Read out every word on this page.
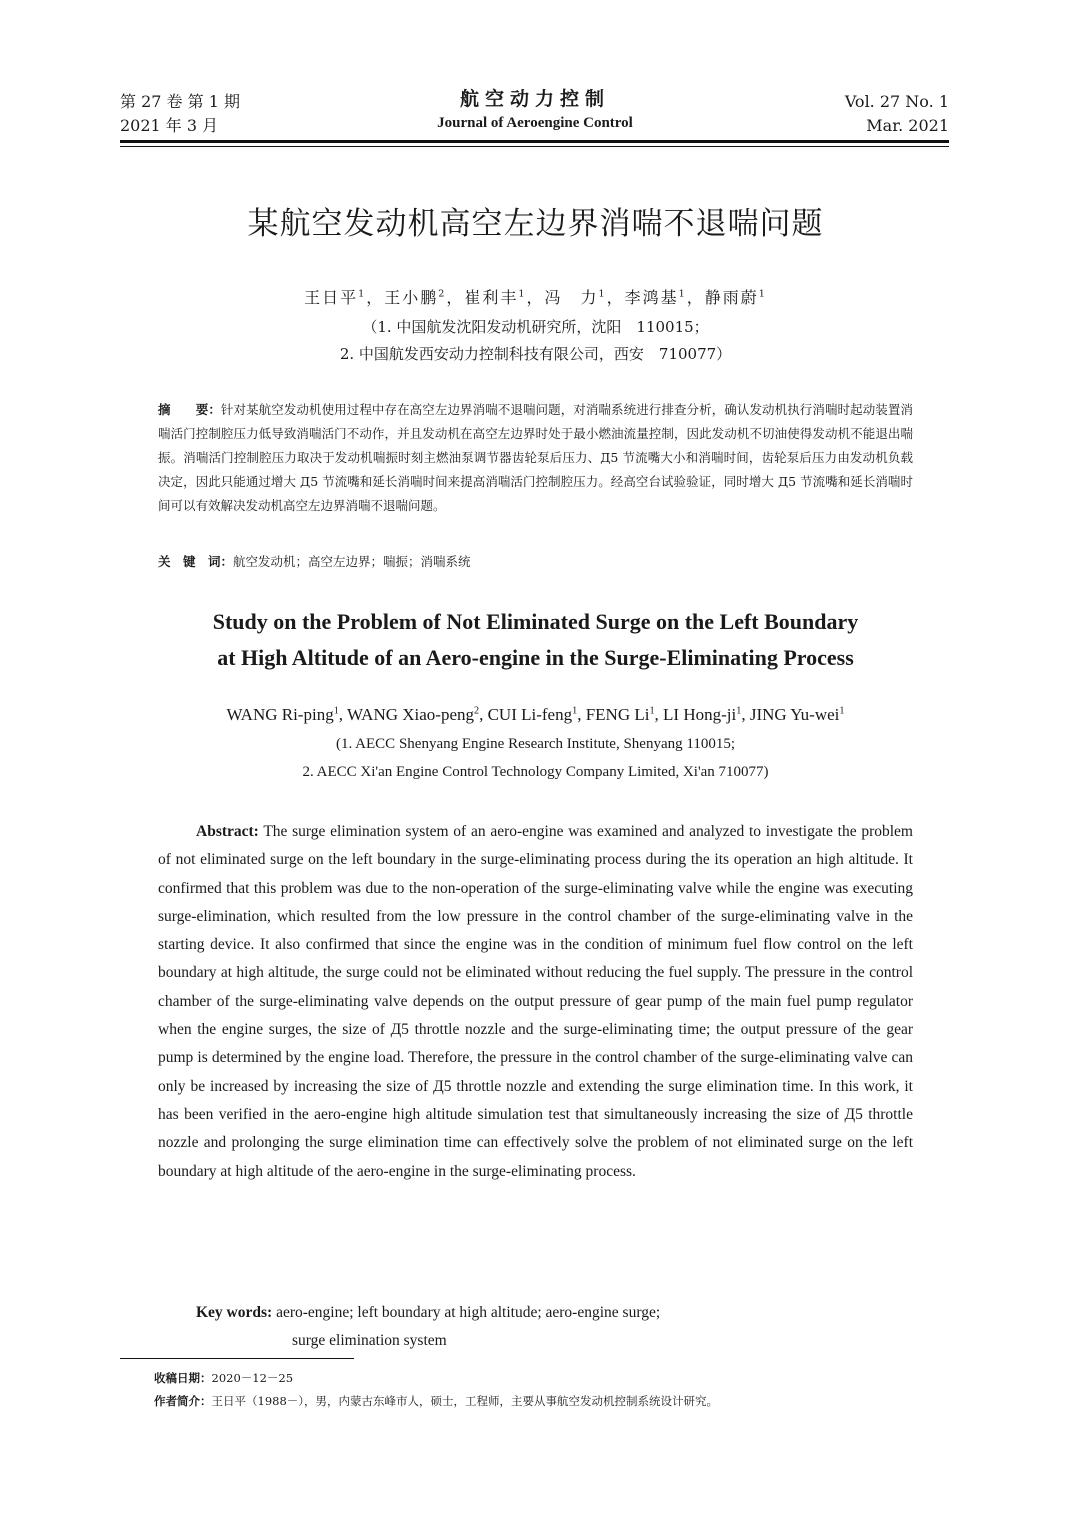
第 27 卷 第 1 期
2021 年 3 月
航空动力控制
Journal of Aeroengine Control
Vol. 27 No. 1
Mar. 2021
某航空发动机高空左边界消喘不退喘问题
王日平$^1$，王小鹏$^2$，崔利丰$^1$，冯　力$^1$，李鸿基$^1$，静雨蔚$^1$
（1. 中国航发沈阳发动机研究所，沈阳　110015；
2. 中国航发西安动力控制科技有限公司，西安　710077）
摘　　要：针对某航空发动机使用过程中存在高空左边界消喘不退喘问题，对消喘系统进行排查分析，确认发动机执行消喘时起动装置消喘活门控制腔压力低导致消喘活门不动作，并且发动机在高空左边界时处于最小燃油流量控制，因此发动机不切油使得发动机不能退出喘振。消喘活门控制腔压力取决于发动机喘振时刻主燃油泵调节器齿轮泵后压力、Д5 节流嘴大小和消喘时间，齿轮泵后压力由发动机负载决定，因此只能通过增大 Д5 节流嘴和延长消喘时间来提高消喘活门控制腔压力。经高空台试验验证，同时增大 Д5 节流嘴和延长消喘时间可以有效解决发动机高空左边界消喘不退喘问题。
关　键　词：航空发动机；高空左边界；喘振；消喘系统
Study on the Problem of Not Eliminated Surge on the Left Boundary
at High Altitude of an Aero-engine in the Surge-Eliminating Process
WANG Ri-ping$^1$, WANG Xiao-peng$^2$, CUI Li-feng$^1$, FENG Li$^1$, LI Hong-$ji^1$, JING Yu-wei$^1$
(1. AECC Shenyang Engine Research Institute, Shenyang 110015;
2. AECC Xi'an Engine Control Technology Company Limited, Xi'an 710077)
Abstract: The surge elimination system of an aero-engine was examined and analyzed to investigate the problem of not eliminated surge on the left boundary in the surge-eliminating process during the its operation an high altitude. It confirmed that this problem was due to the non-operation of the surge-eliminating valve while the engine was executing surge-elimination, which resulted from the low pressure in the control chamber of the surge-eliminating valve in the starting device. It also confirmed that since the engine was in the condition of minimum fuel flow control on the left boundary at high altitude, the surge could not be eliminated without reducing the fuel supply. The pressure in the control chamber of the surge-eliminating valve depends on the output pressure of gear pump of the main fuel pump regulator when the engine surges, the size of Д5 throttle nozzle and the surge-eliminating time; the output pressure of the gear pump is determined by the engine load. Therefore, the pressure in the control chamber of the surge-eliminating valve can only be increased by increasing the size of Д5 throttle nozzle and extending the surge elimination time. In this work, it has been verified in the aero-engine high altitude simulation test that simultaneously increasing the size of Д5 throttle nozzle and prolonging the surge elimination time can effectively solve the problem of not eliminated surge on the left boundary at high altitude of the aero-engine in the surge-eliminating process.
Key words: aero-engine; left boundary at high altitude; aero-engine surge;
surge elimination system
收稿日期：2020－12－25
作者简介：王日平（1988－），男，内蒙古东峰市人，硕士，工程师，主要从事航空发动机控制系统设计研究。
